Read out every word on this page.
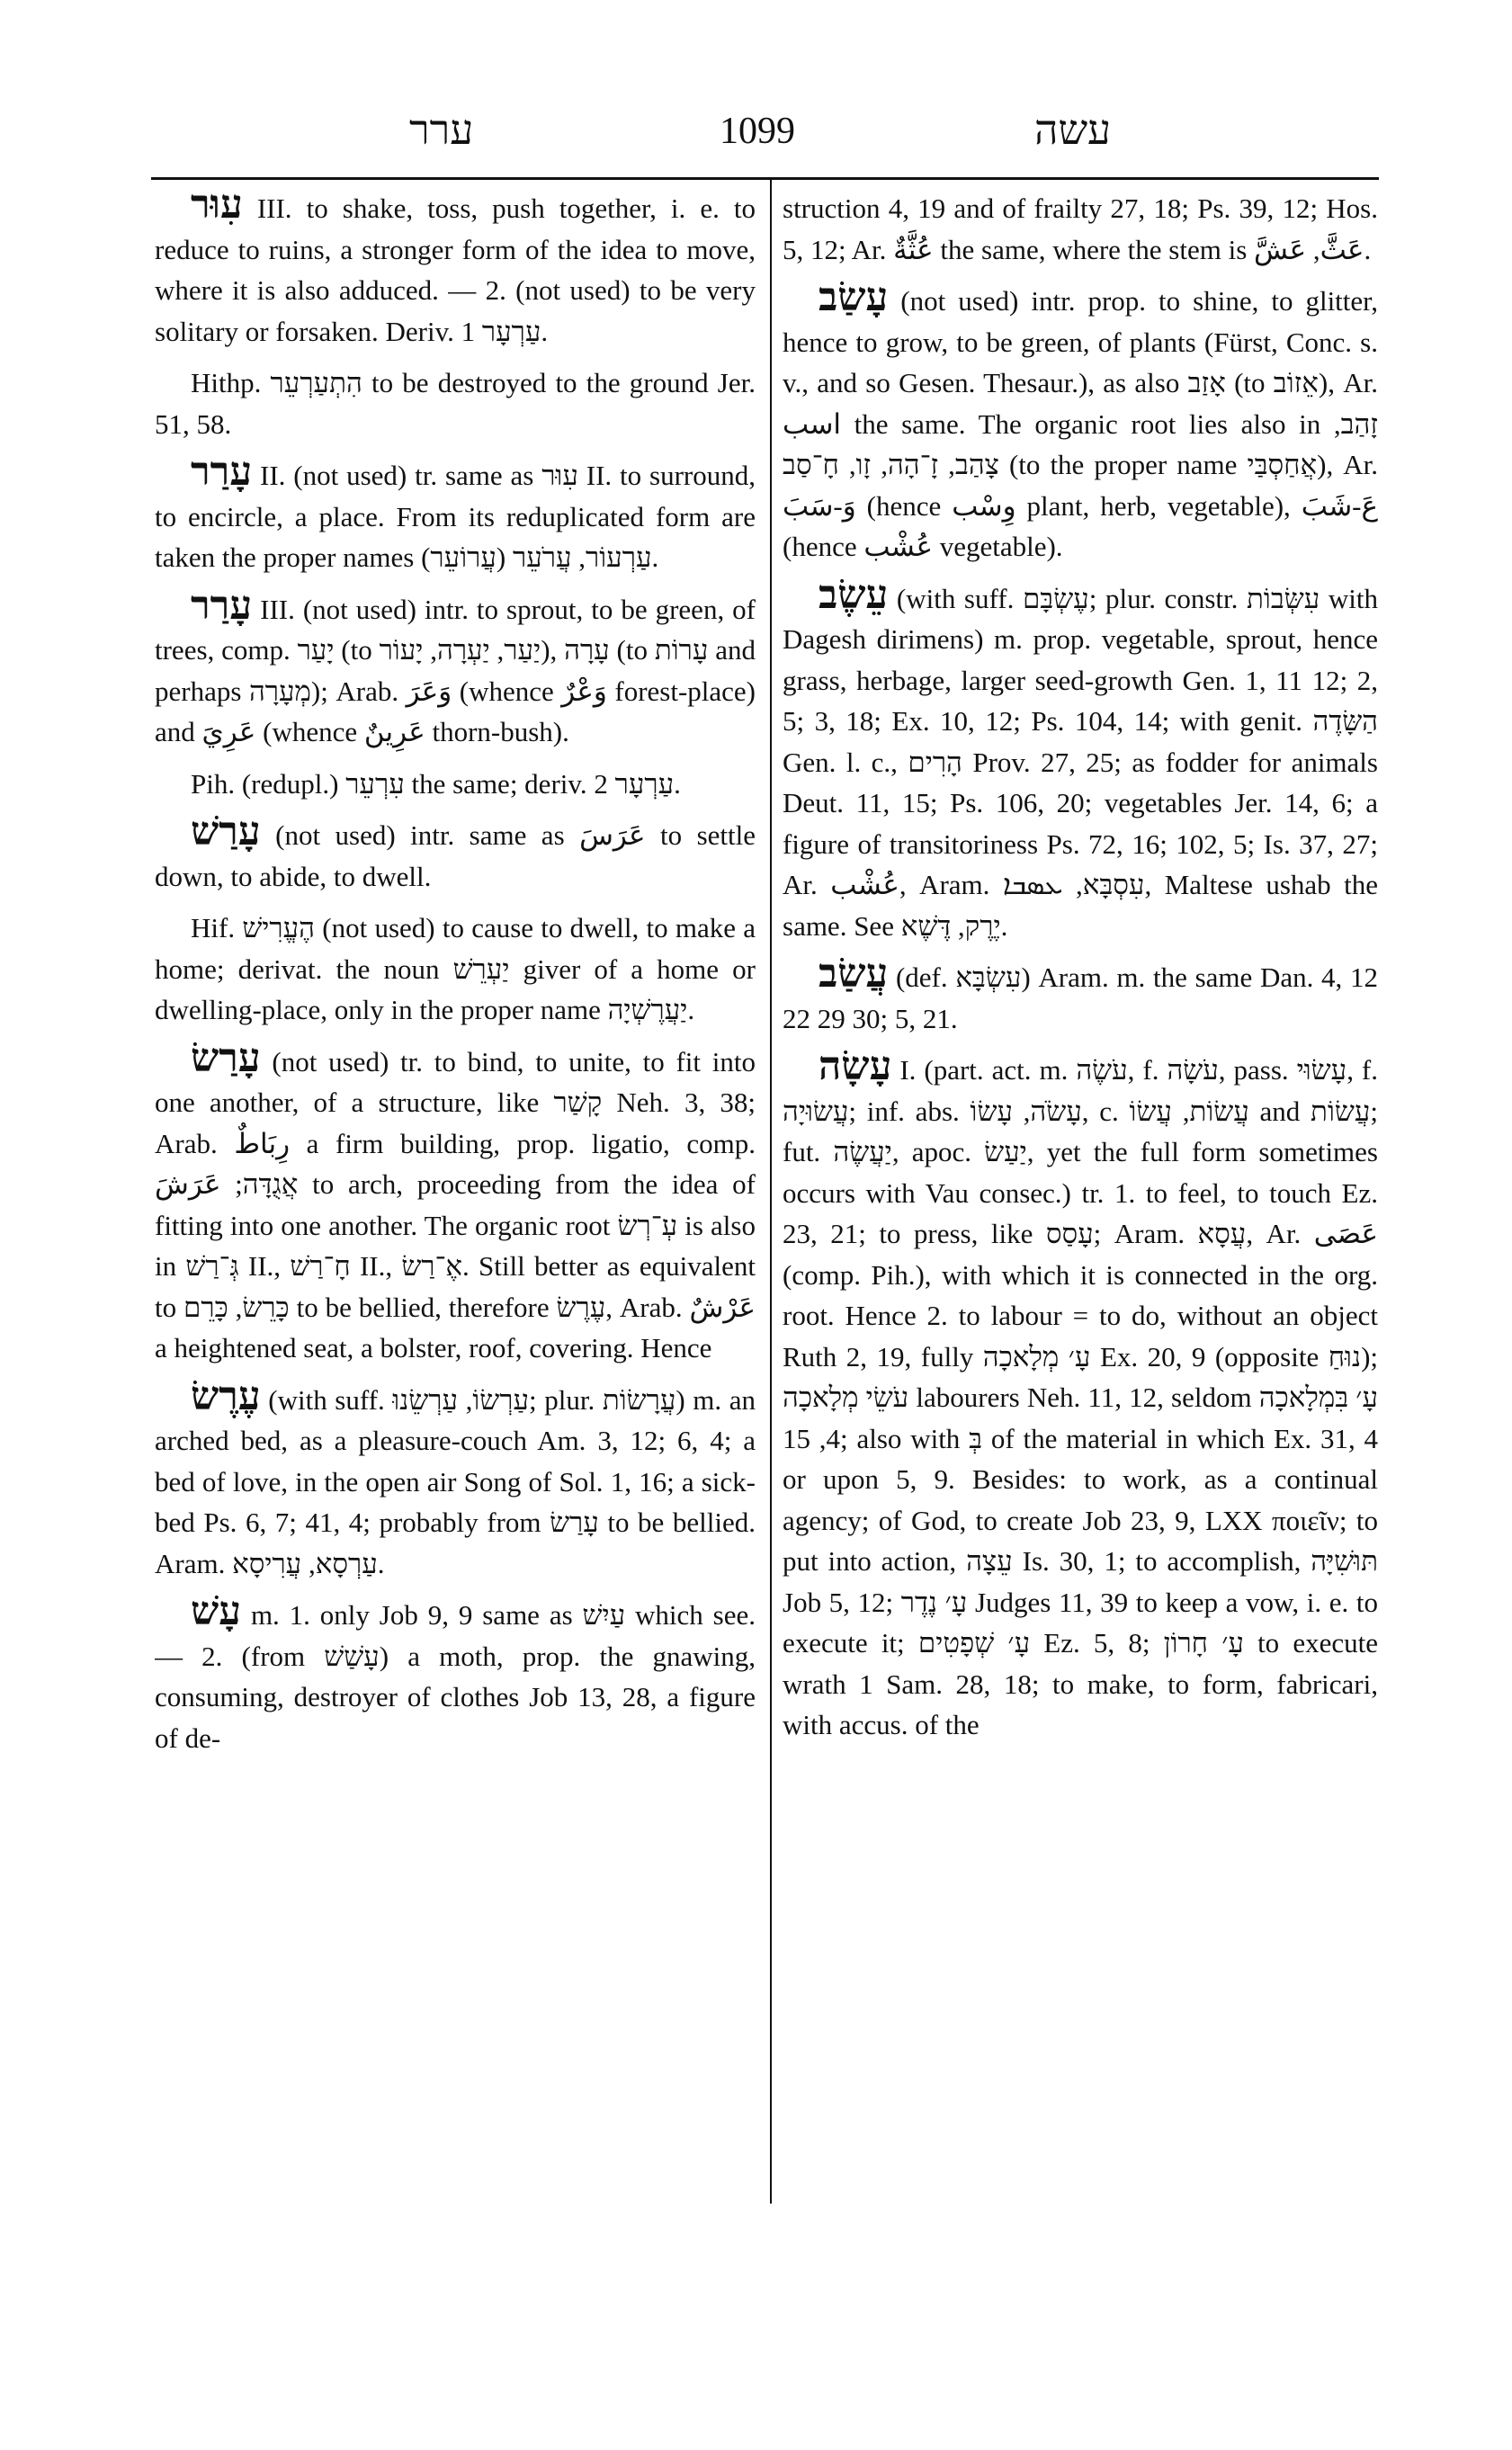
ערר	1099	עשה

עִוּר III. to shake, toss, push together, i. e. to reduce to ruins, a stronger form of the idea to move, where it is also adduced. — 2. (not used) to be very solitary or forsaken. Deriv. עַרְעָר 1.

Hithp. הִתְעַרְעֵר to be destroyed to the ground Jer. 51, 58.

עָרַר II. (not used) tr. same as עִוּר II. to surround, to encircle, a place. From its reduplicated form are taken the proper names עַרְעוֹר, עֲרֹעֵר (עֲרוֹעֵר).

עָרַר III. (not used) intr. to sprout, to be green, of trees, comp. יָעַר (to יַעַר, יַעְרָה, יָעוֹר), עָרָה (to עָרוֹת and perhaps מְעָרָה); Arab. وَعَرَ (whence وَعْرٌ forest-place) and عَرِيَ (whence عَرِينٌ thorn-bush).

Pih. (redupl.) עִרְעֵר the same; deriv. עַרְעָר 2.

עָרַשׁ (not used) intr. same as عَرَسَ to settle down, to abide, to dwell.

Hif. הֶעֱרִישׁ (not used) to cause to dwell, to make a home; derivat. the noun יַעְרֵשׁ giver of a home or dwelling-place, only in the proper name יַעֲרֶשְׁיָה.

עָרַשׂ (not used) tr. to bind, to unite, to fit into one another, of a structure, like קָשַׁר Neh. 3, 38; Arab. رِبَاطٌ a firm building, prop. ligatio, comp. אֲגֻדָּה; عَرَشَ to arch, proceeding from the idea of fitting into one another. The organic root עְ־רְשׂ is also in גְּ־רַשׁ II., חָ־רַשׁ II., אֶ־רַשׂ. Still better as equivalent to כָּרֵשׂ, כָּרֵם to be bellied, therefore עֶרֶשׂ, Arab. عَرْشٌ a heightened seat, a bolster, roof, covering. Hence

עֶרֶשׂ (with suff. עַרְשׂוֹ, עַרְשֵׂנוּ; plur. עֲרָשׂוֹת) m. an arched bed, as a pleasure-couch Am. 3, 12; 6, 4; a bed of love, in the open air Song of Sol. 1, 16; a sick-bed Ps. 6, 7; 41, 4; probably from עָרַשׂ to be bellied. Aram. עַרְסָא, עֲרִיסָא.

עָשׁ m. 1. only Job 9, 9 same as עַיִשׁ which see. — 2. (from עָשַׁשׁ) a moth, prop. the gnawing, consuming, destroyer of clothes Job 13, 28, a figure of de-

struction 4, 19 and of frailty 27, 18; Ps. 39, 12; Hos. 5, 12; Ar. عُثَّةٌ the same, where the stem is عَثَّ, عَشَّ.

עָשַׂב (not used) intr. prop. to shine, to glitter, hence to grow, to be green, of plants (Fürst, Conc. s. v., and so Gesen. Thesaur.), as also אָזַב (to אֵזוֹב), Ar. اسب the same. The organic root lies also in זָהַב, צָהַב, זָ־הָה, זָו, חָ־סַב (to the proper name אֲחַסְבַּי), Ar. وَ-سَبَ (hence وِسْب plant, herb, vegetable), عَ-شَبَ (hence عُشْب vegetable).

עֵשֶׂב (with suff. עֶשְׂבָּם; plur. constr. עִשְּׂבוֹת with Dagesh dirimens) m. prop. vegetable, sprout, hence grass, herbage, larger seed-growth Gen. 1, 11 12; 2, 5; 3, 18; Ex. 10, 12; Ps. 104, 14; with genit. הַשָּׂדֶה Gen. l. c., הָרִים Prov. 27, 25; as fodder for animals Deut. 11, 15; Ps. 106, 20; vegetables Jer. 14, 6; a figure of transitoriness Ps. 72, 16; 102, 5; Is. 37, 27; Ar. عُشْب, Aram. עִסְבָּא, ܥܣܒܐ, Maltese ushab the same. See יֶרֶק, דֶּשֶׁא.

עֲשַׂב (def. עִשְׂבָּא) Aram. m. the same Dan. 4, 12 22 29 30; 5, 21.

עָשָׂה I. (part. act. m. עֹשֶׂה, f. עֹשָׂה, pass. עָשׂוּי, f. עֲשׂוּיָה; inf. abs. עָשֹׂה, עָשׂוֹ, c. עֲשׂוֹת, עֲשׂוֹ and עֲשׂוֹת; fut. יַעֲשֶׂה, apoc. יַעַשׂ, yet the full form sometimes occurs with Vau consec.) tr. 1. to feel, to touch Ez. 23, 21; to press, like עָסַס; Aram. עֲסָא, Ar. عَصَى (comp. Pih.), with which it is connected in the org. root. Hence 2. to labour = to do, without an object Ruth 2, 19, fully עָ׳ מְלָאכָה Ex. 20, 9 (opposite נוּחַ); עֹשֵׂי מְלָאכָה labourers Neh. 11, 12, seldom עָ׳ בִּמְלָאכָה 4, 15; also with בְּ of the material in which Ex. 31, 4 or upon 5, 9. Besides: to work, as a continual agency; of God, to create Job 23, 9, LXX ποιεῖν; to put into action, עֵצָה Is. 30, 1; to accomplish, תּוּשִׁיָּה Job 5, 12; עָ׳ נֶדֶר Judges 11, 39 to keep a vow, i. e. to execute it; עָ׳ שְׁפָטִים Ez. 5, 8; עָ׳ חָרוֹן to execute wrath 1 Sam. 28, 18; to make, to form, fabricari, with accus. of the
